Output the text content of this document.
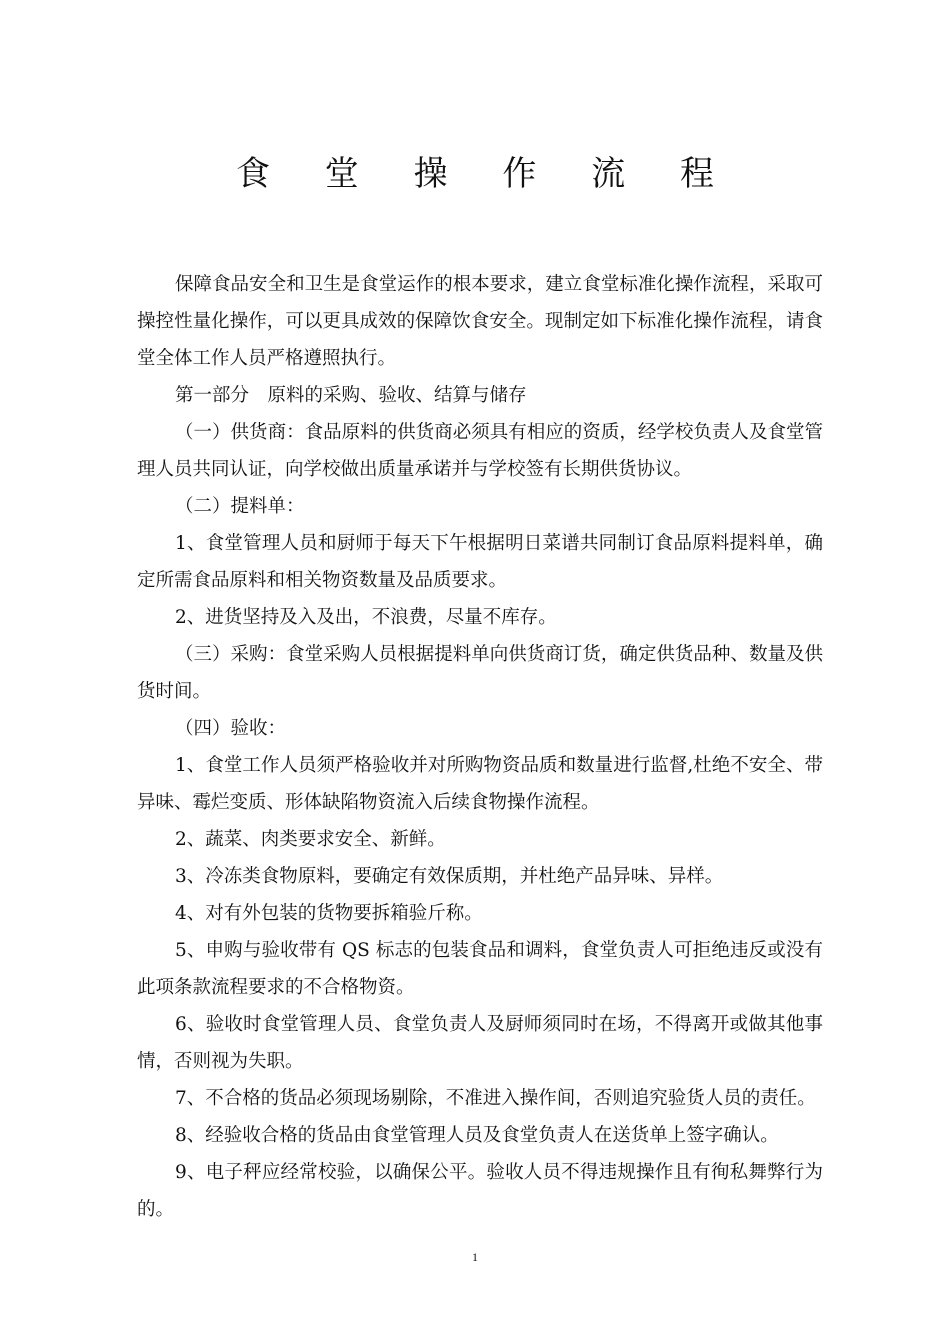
食 堂 操 作 流 程

保障食品安全和卫生是食堂运作的根本要求，建立食堂标准化操作流程，采取可操控性量化操作，可以更具成效的保障饮食安全。现制定如下标准化操作流程，请食堂全体工作人员严格遵照执行。

第一部分　原料的采购、验收、结算与储存

（一）供货商：食品原料的供货商必须具有相应的资质，经学校负责人及食堂管理人员共同认证，向学校做出质量承诺并与学校签有长期供货协议。

（二）提料单：

1、食堂管理人员和厨师于每天下午根据明日菜谱共同制订食品原料提料单，确定所需食品原料和相关物资数量及品质要求。

2、进货坚持及入及出，不浪费，尽量不库存。

（三）采购：食堂采购人员根据提料单向供货商订货，确定供货品种、数量及供货时间。

（四）验收：

1、食堂工作人员须严格验收并对所购物资品质和数量进行监督,杜绝不安全、带异味、霉烂变质、形体缺陷物资流入后续食物操作流程。

2、蔬菜、肉类要求安全、新鲜。

3、冷冻类食物原料，要确定有效保质期，并杜绝产品异味、异样。

4、对有外包装的货物要拆箱验斤称。

5、申购与验收带有 QS 标志的包装食品和调料，食堂负责人可拒绝违反或没有此项条款流程要求的不合格物资。

6、验收时食堂管理人员、食堂负责人及厨师须同时在场，不得离开或做其他事情，否则视为失职。

7、不合格的货品必须现场剔除，不准进入操作间，否则追究验货人员的责任。

8、经验收合格的货品由食堂管理人员及食堂负责人在送货单上签字确认。

9、电子秤应经常校验，以确保公平。验收人员不得违规操作且有徇私舞弊行为的。

1
